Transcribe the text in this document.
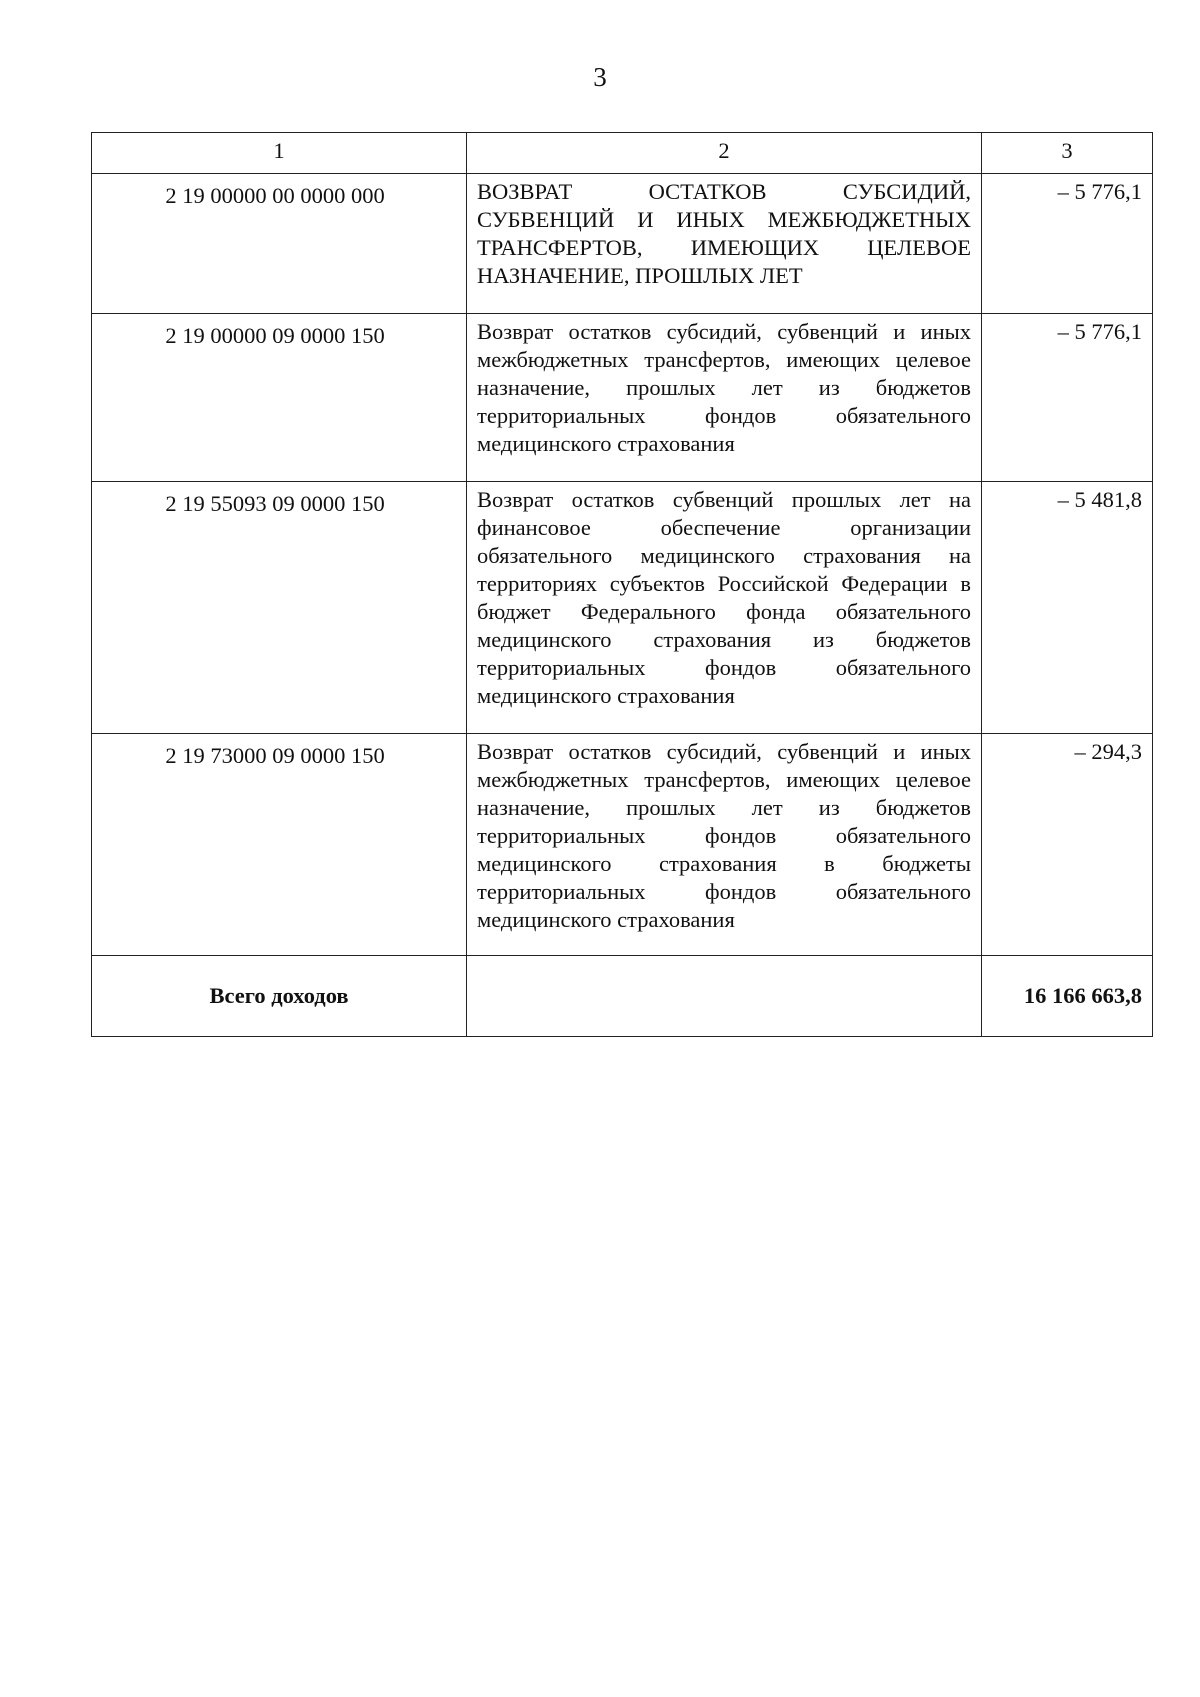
3
1	2	3
2 19 00000 00 0000 000	ВОЗВРАТ ОСТАТКОВ СУБСИДИЙ, СУБВЕНЦИЙ И ИНЫХ МЕЖБЮДЖЕТНЫХ ТРАНСФЕРТОВ, ИМЕЮЩИХ ЦЕЛЕВОЕ НАЗНАЧЕНИЕ, ПРОШЛЫХ ЛЕТ	– 5 776,1
2 19 00000 09 0000 150	Возврат остатков субсидий, субвенций и иных межбюджетных трансфертов, имеющих целевое назначение, прошлых лет из бюджетов территориальных фондов обязательного медицинского страхования	– 5 776,1
2 19 55093 09 0000 150	Возврат остатков субвенций прошлых лет на финансовое обеспечение организации обязательного медицинского страхования на территориях субъектов Российской Федерации в бюджет Федерального фонда обязательного медицинского страхования из бюджетов территориальных фондов обязательного медицинского страхования	– 5 481,8
2 19 73000 09 0000 150	Возврат остатков субсидий, субвенций и иных межбюджетных трансфертов, имеющих целевое назначение, прошлых лет из бюджетов территориальных фондов обязательного медицинского страхования в бюджеты территориальных фондов обязательного медицинского страхования	– 294,3
Всего доходов		16 166 663,8
